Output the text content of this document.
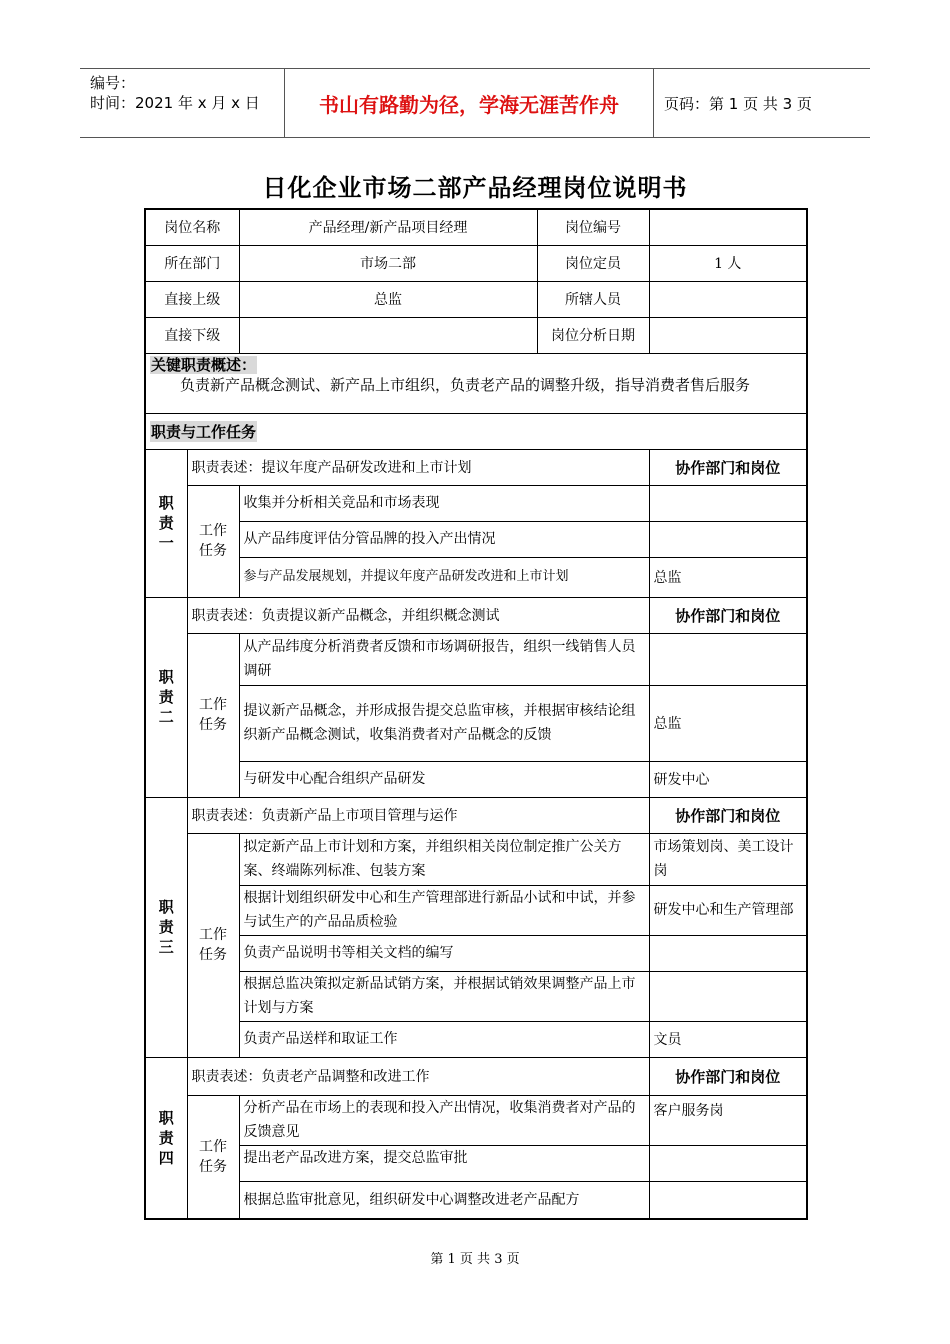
编号：
时间：2021 年 x 月 x 日	书山有路勤为径，学海无涯苦作舟	页码：第 1 页 共 3 页
日化企业市场二部产品经理岗位说明书
岗位名称		产品经理/新产品项目经理	岗位编号	
所在部门		市场二部	岗位定员	1 人
直接上级		总监	所辖人员	
直接下级			岗位分析日期	

关键职责概述：
负责新产品概念测试、新产品上市组织，负责老产品的调整升级，指导消费者售后服务				

职责与工作任务				
职责一	职责表述：提议年度产品研发改进和上市计划			协作部门和岗位
	工作任务	收集并分析相关竞品和市场表现		
		从产品纬度评估分管品牌的投入产出情况		
		参与产品发展规划，并提议年度产品研发改进和上市计划		总监
职责二	职责表述：负责提议新产品概念，并组织概念测试			协作部门和岗位
	工作任务	从产品纬度分析消费者反馈和市场调研报告，组织一线销售人员调研		
		提议新产品概念，并形成报告提交总监审核，并根据审核结论组织新产品概念测试，收集消费者对产品概念的反馈		总监
		与研发中心配合组织产品研发		研发中心
职责三	职责表述：负责新产品上市项目管理与运作			协作部门和岗位
	工作任务	拟定新产品上市计划和方案，并组织相关岗位制定推广公关方案、终端陈列标准、包装方案		市场策划岗、美工设计岗
		根据计划组织研发中心和生产管理部进行新品小试和中试，并参与试生产的产品品质检验		研发中心和生产管理部
		负责产品说明书等相关文档的编写		
		根据总监决策拟定新品试销方案，并根据试销效果调整产品上市计划与方案		
		负责产品送样和取证工作		文员
职责四	职责表述：负责老产品调整和改进工作			协作部门和岗位
	工作任务	分析产品在市场上的表现和投入产出情况，收集消费者对产品的反馈意见		客户服务岗
		提出老产品改进方案，提交总监审批		
		根据总监审批意见，组织研发中心调整改进老产品配方		
第 1 页 共 3 页
